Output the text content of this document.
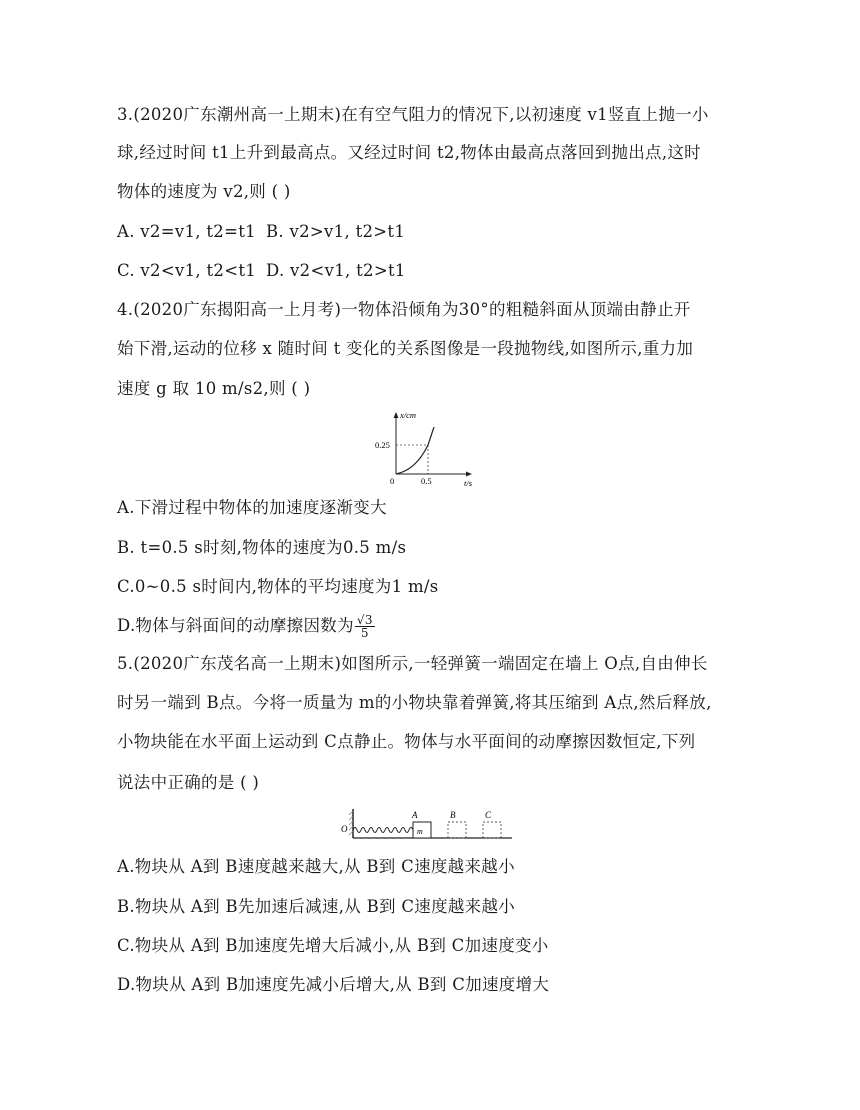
3.(2020广东潮州高一上期末)在有空气阻力的情况下,以初速度 v1竖直上抛一小
球,经过时间 t1上升到最高点。又经过时间 t2,物体由最高点落回到抛出点,这时
物体的速度为 v2,则 ( )
A. v2=v1, t2=t1 B. v2>v1, t2>t1
C. v2<v1, t2<t1 D. v2<v1, t2>t1
4.(2020广东揭阳高一上月考)一物体沿倾角为30°的粗糙斜面从顶端由静止开
始下滑,运动的位移 x 随时间 t 变化的关系图像是一段抛物线,如图所示,重力加
速度 g 取 10 m/s2,则 ( )
x/cm
t/s
0
0.25
0.5
A.下滑过程中物体的加速度逐渐变大
B. t=0.5 s时刻,物体的速度为0.5 m/s
C.0~0.5 s时间内,物体的平均速度为1 m/s
D.物体与斜面间的动摩擦因数为 $\frac{√3}{5}$
5.(2020广东茂名高一上期末)如图所示,一轻弹簧一端固定在墙上 O点,自由伸长
时另一端到 B点。今将一质量为 m的小物块靠着弹簧,将其压缩到 A点,然后释放,
小物块能在水平面上运动到 C点静止。物体与水平面间的动摩擦因数恒定,下列
说法中正确的是 ( )
O	m
A	B	C
A.物块从 A到 B速度越来越大,从 B到 C速度越来越小
B.物块从 A到 B先加速后减速,从 B到 C速度越来越小
C.物块从 A到 B加速度先增大后减小,从 B到 C加速度变小
D.物块从 A到 B加速度先减小后增大,从 B到 C加速度增大
